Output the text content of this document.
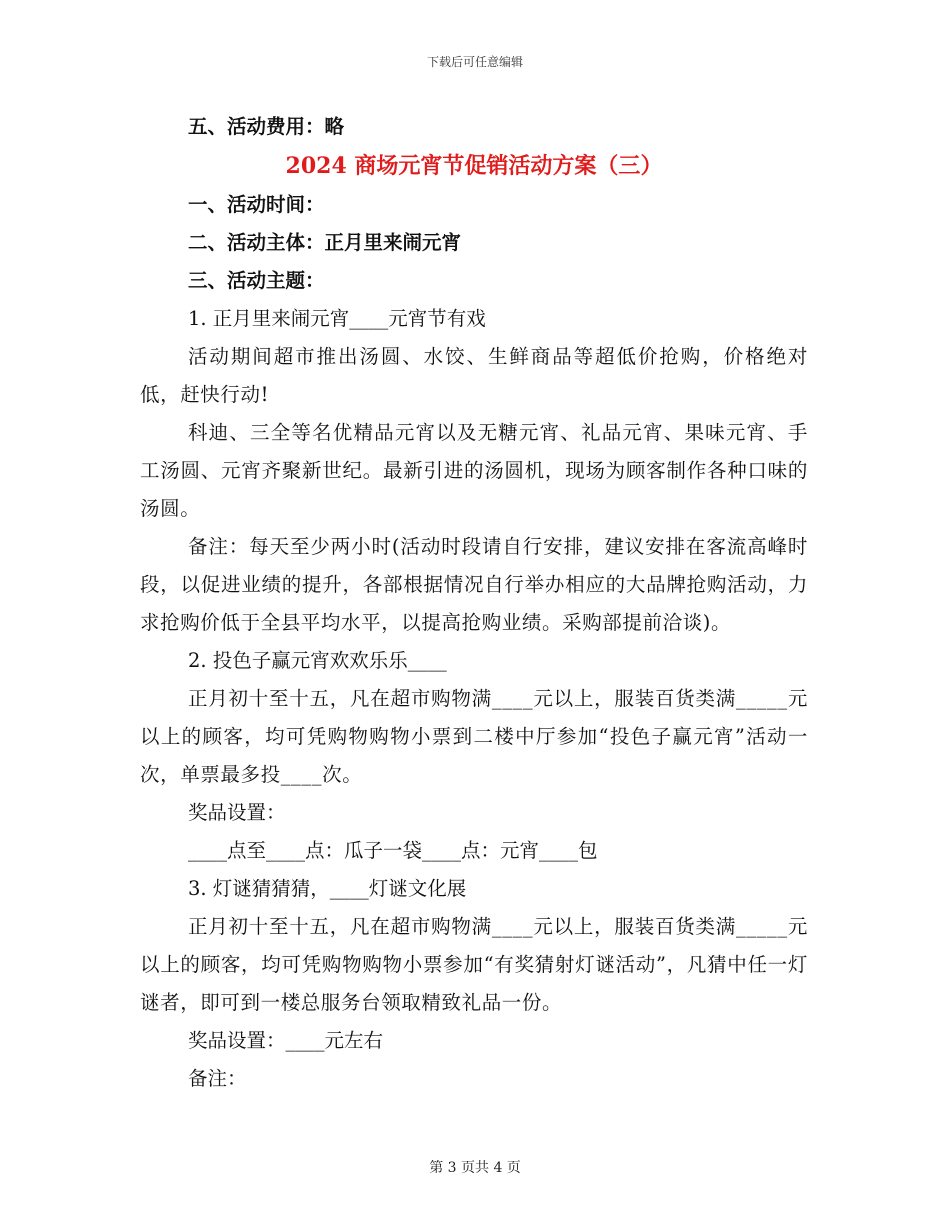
下载后可任意编辑

五、活动费用：略

2024 商场元宵节促销活动方案（三）

一、活动时间：

二、活动主体：正月里来闹元宵

三、活动主题：

1. 正月里来闹元宵____元宵节有戏

活动期间超市推出汤圆、水饺、生鲜商品等超低价抢购，价格绝对低，赶快行动!

科迪、三全等名优精品元宵以及无糖元宵、礼品元宵、果味元宵、手工汤圆、元宵齐聚新世纪。最新引进的汤圆机，现场为顾客制作各种口味的汤圆。

备注：每天至少两小时(活动时段请自行安排，建议安排在客流高峰时段，以促进业绩的提升，各部根据情况自行举办相应的大品牌抢购活动，力求抢购价低于全县平均水平，以提高抢购业绩。采购部提前洽谈)。

2. 投色子赢元宵欢欢乐乐____

正月初十至十五，凡在超市购物满____元以上，服装百货类满_____元以上的顾客，均可凭购物购物小票到二楼中厅参加“投色子赢元宵”活动一次，单票最多投____次。

奖品设置：

____点至____点：瓜子一袋____点：元宵____包

3. 灯谜猜猜猜，____灯谜文化展

正月初十至十五，凡在超市购物满____元以上，服装百货类满_____元以上的顾客，均可凭购物购物小票参加“有奖猜射灯谜活动”，凡猜中任一灯谜者，即可到一楼总服务台领取精致礼品一份。

奖品设置：____元左右

备注：

第 3 页共 4 页
